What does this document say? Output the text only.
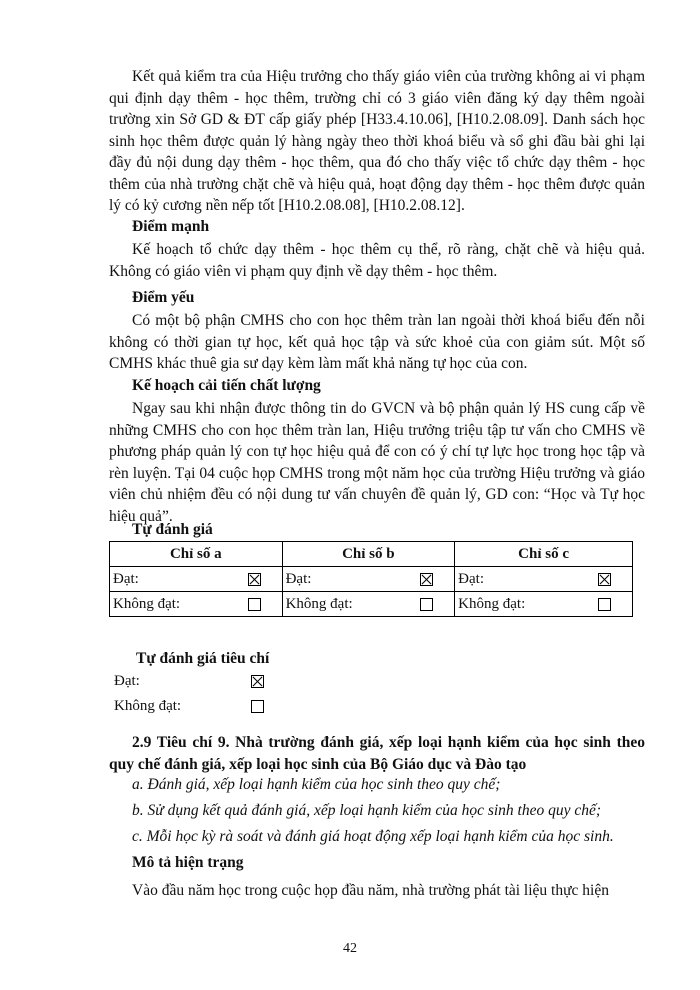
Kết quả kiểm tra của Hiệu trưởng cho thấy giáo viên của trường không ai vi phạm qui định dạy thêm - học thêm, trường chỉ có 3 giáo viên đăng ký dạy thêm ngoài trường xin Sở GD & ĐT cấp giấy phép [H33.4.10.06], [H10.2.08.09]. Danh sách học sinh học thêm được quản lý hàng ngày theo thời khoá biểu và sổ ghi đầu bài ghi lại đầy đủ nội dung dạy thêm - học thêm, qua đó cho thấy việc tổ chức dạy thêm - học thêm của nhà trường chặt chẽ và hiệu quả, hoạt động dạy thêm - học thêm được quản lý có kỷ cương nền nếp tốt [H10.2.08.08], [H10.2.08.12].

Điểm mạnh

Kế hoạch tổ chức dạy thêm - học thêm cụ thể, rõ ràng, chặt chẽ và hiệu quả. Không có giáo viên vi phạm quy định về dạy thêm - học thêm.

Điểm yếu

Có một bộ phận CMHS cho con học thêm tràn lan ngoài thời khoá biểu đến nỗi không có thời gian tự học, kết quả học tập và sức khoẻ của con giảm sút. Một số CMHS khác thuê gia sư dạy kèm làm mất khả năng tự học của con.

Kế hoạch cải tiến chất lượng

Ngay sau khi nhận được thông tin do GVCN và bộ phận quản lý HS cung cấp về những CMHS cho con học thêm tràn lan, Hiệu trưởng triệu tập tư vấn cho CMHS về phương pháp quản lý con tự học hiệu quả để con có ý chí tự lực học trong học tập và rèn luyện. Tại 04 cuộc họp CMHS trong một năm học của trường Hiệu trưởng và giáo viên chủ nhiệm đều có nội dung tư vấn chuyên đề quản lý, GD con: “Học và Tự học hiệu quả”.

Tự đánh giá

Chỉ số a	Chỉ số b	Chỉ số c

Đạt:	Đạt:	Đạt:

Không đạt:	Không đạt:	Không đạt:

Tự đánh giá tiêu chí

Đạt:
Không đạt:

2.9 Tiêu chí 9. Nhà trường đánh giá, xếp loại hạnh kiểm của học sinh theo quy chế đánh giá, xếp loại học sinh của Bộ Giáo dục và Đào tạo

a. Đánh giá, xếp loại hạnh kiểm của học sinh theo quy chế;

b. Sử dụng kết quả đánh giá, xếp loại hạnh kiểm của học sinh theo quy chế;

c. Mỗi học kỳ rà soát và đánh giá hoạt động xếp loại hạnh kiểm của học sinh.

Mô tả hiện trạng

Vào đầu năm học trong cuộc họp đầu năm, nhà trường phát tài liệu thực hiện

42
